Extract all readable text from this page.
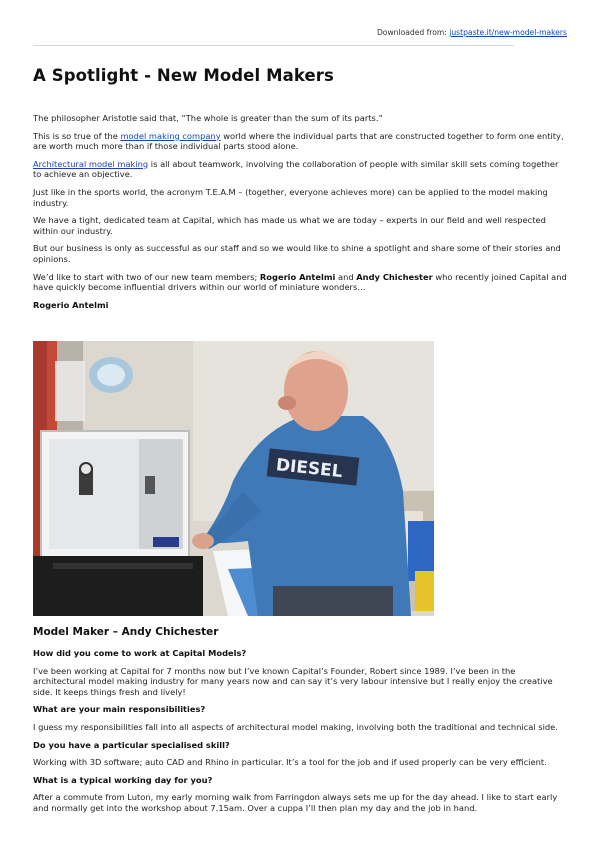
Downloaded from: justpaste.it/new-model-makers
A Spotlight - New Model Makers

The philosopher Aristotle said that, “The whole is greater than the sum of its parts.”

This is so true of the model making company world where the individual parts that are constructed together to form one entity, are worth much more than if those individual parts stood alone.

Architectural model making is all about teamwork, involving the collaboration of people with similar skill sets coming together to achieve an objective.

Just like in the sports world, the acronym T.E.A.M – (together, everyone achieves more) can be applied to the model making industry.

We have a tight, dedicated team at Capital, which has made us what we are today – experts in our field and well respected within our industry.

But our business is only as successful as our staff and so we would like to shine a spotlight and share some of their stories and opinions.

We’d like to start with two of our new team members; Rogerio Antelmi and Andy Chichester who recently joined Capital and have quickly become influential drivers within our world of miniature wonders…

Rogerio Antelmi

DIESEL
Model Maker – Andy Chichester

How did you come to work at Capital Models?

I’ve been working at Capital for 7 months now but I’ve known Capital’s Founder, Robert since 1989. I’ve been in the architectural model making industry for many years now and can say it’s very labour intensive but I really enjoy the creative side. It keeps things fresh and lively!

What are your main responsibilities?

I guess my responsibilities fall into all aspects of architectural model making, involving both the traditional and technical side.

Do you have a particular specialised skill?

Working with 3D software; auto CAD and Rhino in particular. It’s a tool for the job and if used properly can be very efficient.

What is a typical working day for you?

After a commute from Luton, my early morning walk from Farringdon always sets me up for the day ahead. I like to start early and normally get into the workshop about 7.15am. Over a cuppa I’ll then plan my day and the job in hand.
